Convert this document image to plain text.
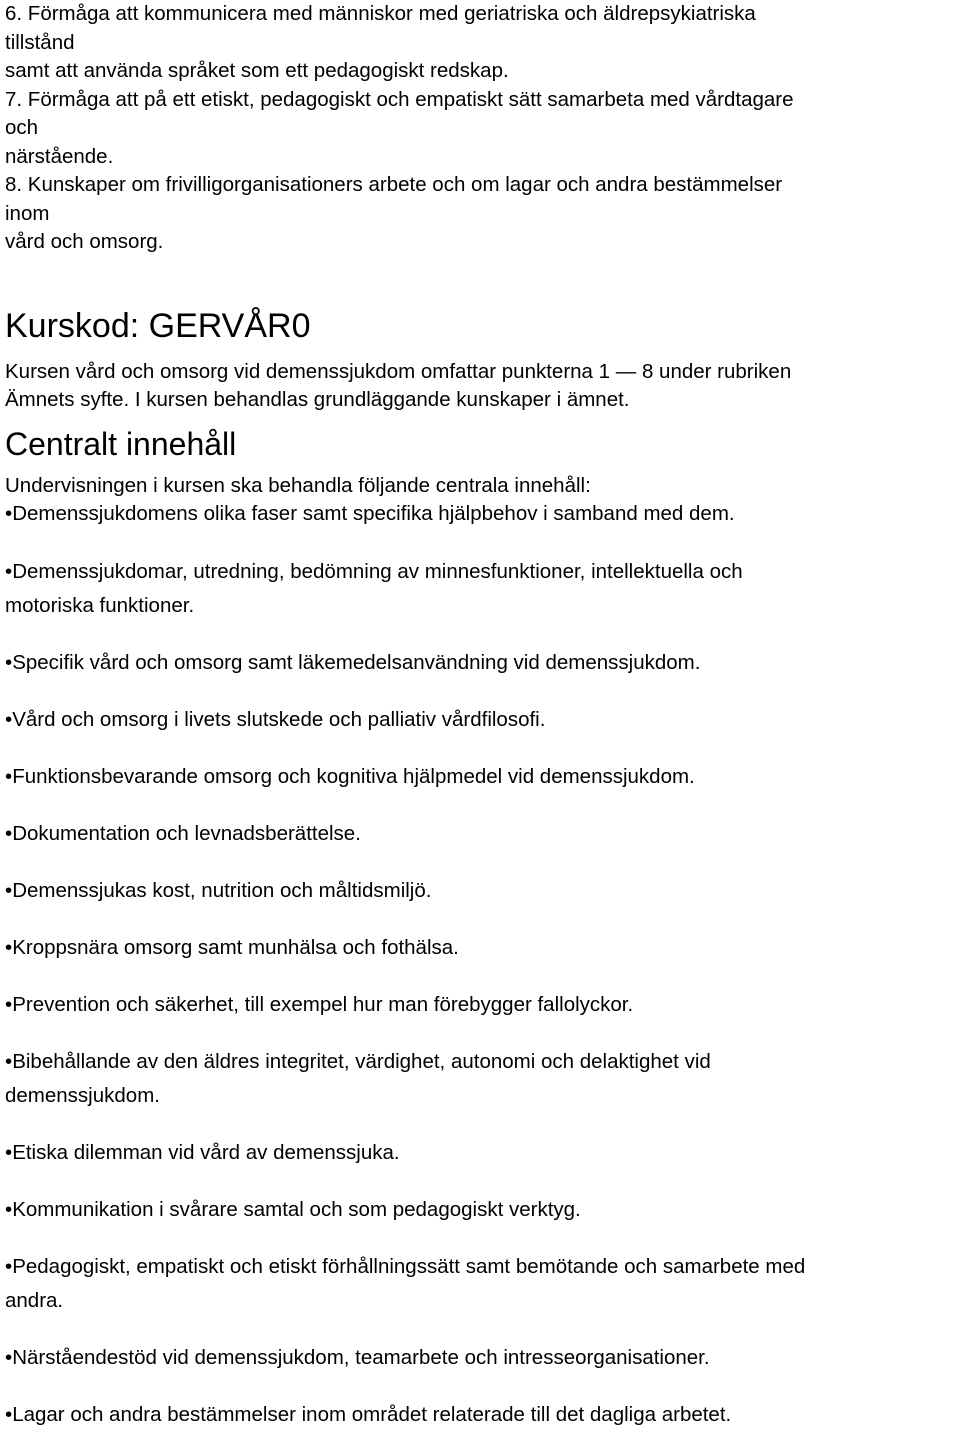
6. Förmåga att kommunicera med människor med geriatriska och äldrepsykiatriska
tillstånd
samt att använda språket som ett pedagogiskt redskap.
7. Förmåga att på ett etiskt, pedagogiskt och empatiskt sätt samarbeta med vårdtagare
och
närstående.
8. Kunskaper om frivilligorganisationers arbete och om lagar och andra bestämmelser
inom
vård och omsorg.
Kurskod: GERVÅR0
Kursen vård och omsorg vid demenssjukdom omfattar punkterna 1 — 8 under rubriken
Ämnets syfte. I kursen behandlas grundläggande kunskaper i ämnet.
Centralt innehåll
Undervisningen i kursen ska behandla följande centrala innehåll:
•Demenssjukdomens olika faser samt specifika hjälpbehov i samband med dem.
•Demenssjukdomar, utredning, bedömning av minnesfunktioner, intellektuella och
motoriska funktioner.
•Specifik vård och omsorg samt läkemedelsanvändning vid demenssjukdom.
•Vård och omsorg i livets slutskede och palliativ vårdfilosofi.
•Funktionsbevarande omsorg och kognitiva hjälpmedel vid demenssjukdom.
•Dokumentation och levnadsberättelse.
•Demenssjukas kost, nutrition och måltidsmiljö.
•Kroppsnära omsorg samt munhälsa och fothälsa.
•Prevention och säkerhet, till exempel hur man förebygger fallolyckor.
•Bibehållande av den äldres integritet, värdighet, autonomi och delaktighet vid
demenssjukdom.
•Etiska dilemman vid vård av demenssjuka.
•Kommunikation i svårare samtal och som pedagogiskt verktyg.
•Pedagogiskt, empatiskt och etiskt förhållningssätt samt bemötande och samarbete med
andra.
•Närståendestöd vid demenssjukdom, teamarbete och intresseorganisationer.
•Lagar och andra bestämmelser inom området relaterade till det dagliga arbetet.
